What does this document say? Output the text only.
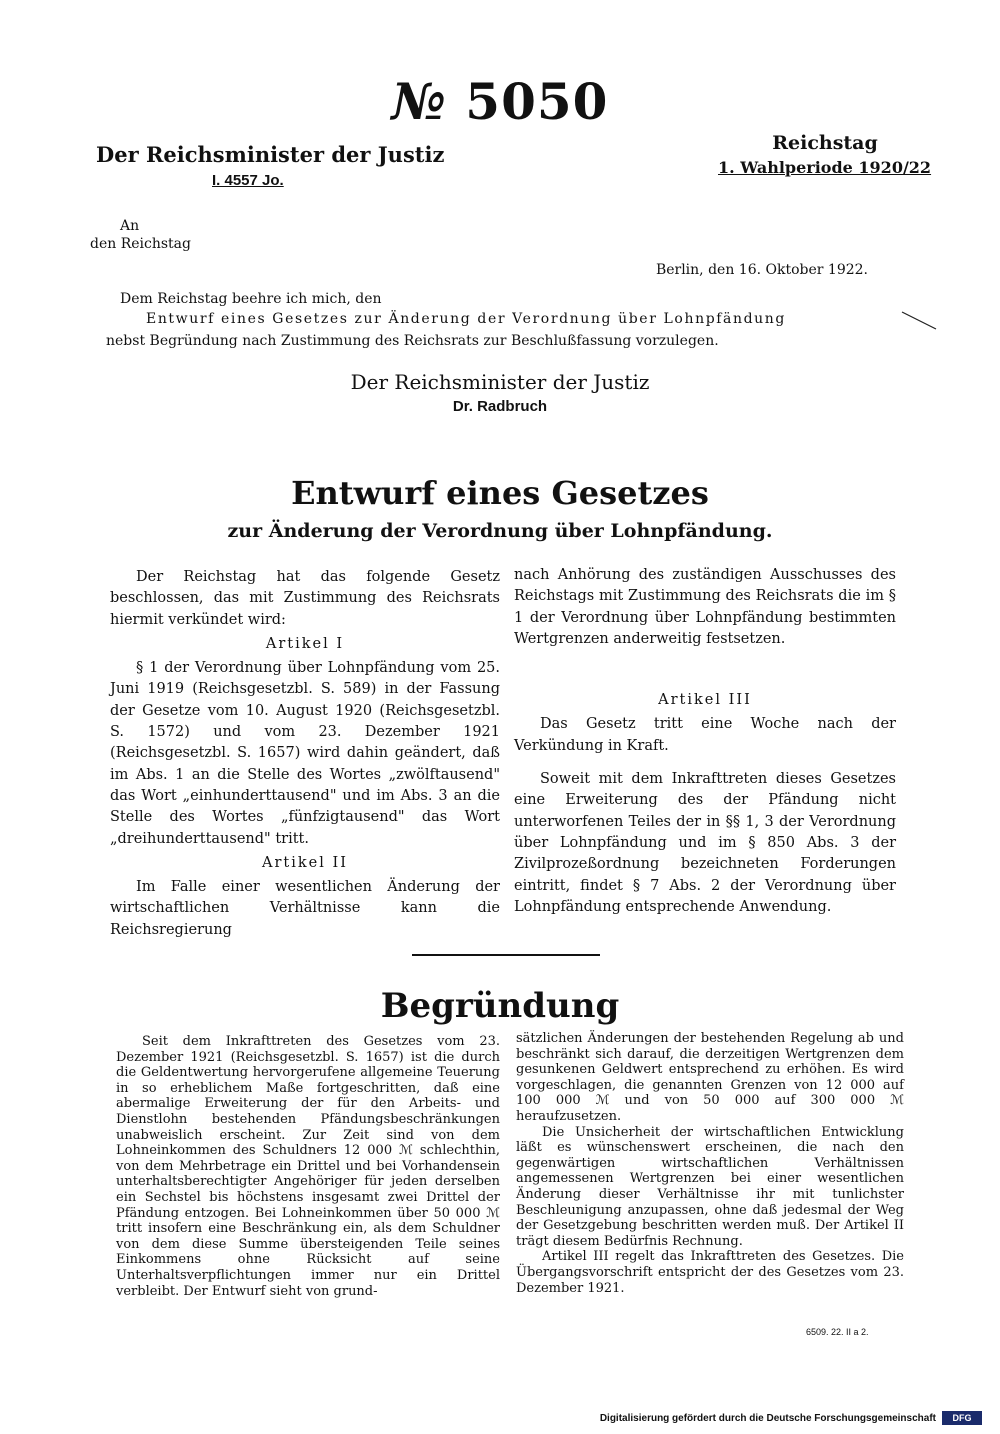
№ 5050
Der Reichsminister der Justiz
I. 4557 Jo.
Reichstag
1. Wahlperiode 1920/22
An
den Reichstag
Berlin, den 16. Oktober 1922.
Dem Reichstag beehre ich mich, den
Entwurf eines Gesetzes zur Änderung der Verordnung über Lohnpfändung
nebst Begründung nach Zustimmung des Reichsrats zur Beschlußfassung vorzulegen.
Der Reichsminister der Justiz
Dr. Radbruch
Entwurf eines Gesetzes
zur Änderung der Verordnung über Lohnpfändung.

Der Reichstag hat das folgende Gesetz beschlossen, das mit Zustimmung des Reichsrats hiermit verkündet wird:

Artikel I

§ 1 der Verordnung über Lohnpfändung vom 25. Juni 1919 (Reichsgesetzbl. S. 589) in der Fassung der Gesetze vom 10. August 1920 (Reichsgesetzbl. S. 1572) und vom 23. Dezember 1921 (Reichsgesetzbl. S. 1657) wird dahin geändert, daß im Abs. 1 an die Stelle des Wortes „zwölftausend" das Wort „einhunderttausend" und im Abs. 3 an die Stelle des Wortes „fünfzigtausend" das Wort „dreihunderttausend" tritt.

Artikel II

Im Falle einer wesentlichen Änderung der wirtschaftlichen Verhältnisse kann die Reichsregierung

nach Anhörung des zuständigen Ausschusses des Reichstags mit Zustimmung des Reichsrats die im § 1 der Verordnung über Lohnpfändung bestimmten Wertgrenzen anderweitig festsetzen.

Artikel III

Das Gesetz tritt eine Woche nach der Verkündung in Kraft.

Soweit mit dem Inkrafttreten dieses Gesetzes eine Erweiterung des der Pfändung nicht unterworfenen Teiles der in §§ 1, 3 der Verordnung über Lohnpfändung und im § 850 Abs. 3 der Zivilprozeßordnung bezeichneten Forderungen eintritt, findet § 7 Abs. 2 der Verordnung über Lohnpfändung entsprechende Anwendung.

Begründung

Seit dem Inkrafttreten des Gesetzes vom 23. Dezember 1921 (Reichsgesetzbl. S. 1657) ist die durch die Geldentwertung hervorgerufene allgemeine Teuerung in so erheblichem Maße fortgeschritten, daß eine abermalige Erweiterung der für den Arbeits- und Dienstlohn bestehenden Pfändungsbeschränkungen unabweislich erscheint. Zur Zeit sind von dem Lohneinkommen des Schuldners 12 000 ℳ schlechthin, von dem Mehrbetrage ein Drittel und bei Vorhandensein unterhaltsberechtigter Angehöriger für jeden derselben ein Sechstel bis höchstens insgesamt zwei Drittel der Pfändung entzogen. Bei Lohneinkommen über 50 000 ℳ tritt insofern eine Beschränkung ein, als dem Schuldner von dem diese Summe übersteigenden Teile seines Einkommens ohne Rücksicht auf seine Unterhaltsverpflichtungen immer nur ein Drittel verbleibt. Der Entwurf sieht von grund-

sätzlichen Änderungen der bestehenden Regelung ab und beschränkt sich darauf, die derzeitigen Wertgrenzen dem gesunkenen Geldwert entsprechend zu erhöhen. Es wird vorgeschlagen, die genannten Grenzen von 12 000 auf 100 000 ℳ und von 50 000 auf 300 000 ℳ heraufzusetzen.

Die Unsicherheit der wirtschaftlichen Entwicklung läßt es wünschenswert erscheinen, die nach den gegenwärtigen wirtschaftlichen Verhältnissen angemessenen Wertgrenzen bei einer wesentlichen Änderung dieser Verhältnisse ihr mit tunlichster Beschleunigung anzupassen, ohne daß jedesmal der Weg der Gesetzgebung beschritten werden muß. Der Artikel II trägt diesem Bedürfnis Rechnung.

Artikel III regelt das Inkrafttreten des Gesetzes. Die Übergangsvorschrift entspricht der des Gesetzes vom 23. Dezember 1921.

6509. 22. II a 2.
Digitalisierung gefördert durch die Deutsche Forschungsgemeinschaft	DFG
